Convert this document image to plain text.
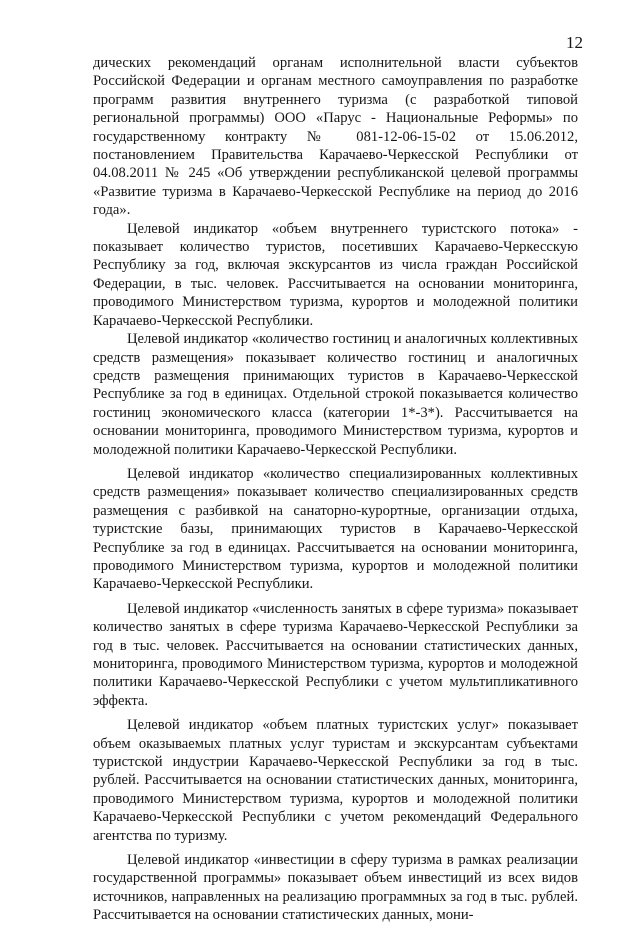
12

дических рекомендаций органам исполнительной власти субъектов Российской Федерации и органам местного самоуправления по разработке программ развития внутреннего туризма (с разработкой типовой региональной программы) ООО «Парус - Национальные Реформы» по государственному контракту № 081-12-06-15-02 от 15.06.2012, постановлением Правительства Карачаево-Черкесской Республики от 04.08.2011 № 245 «Об утверждении республиканской целевой программы «Развитие туризма в Карачаево-Черкесской Республике на период до 2016 года».

Целевой индикатор «объем внутреннего туристского потока» - показывает количество туристов, посетивших Карачаево-Черкесскую Республику за год, включая экскурсантов из числа граждан Российской Федерации, в тыс. человек. Рассчитывается на основании мониторинга, проводимого Министерством туризма, курортов и молодежной политики Карачаево-Черкесской Республики.

Целевой индикатор «количество гостиниц и аналогичных коллективных средств размещения» показывает количество гостиниц и аналогичных средств размещения принимающих туристов в Карачаево-Черкесской Республике за год в единицах. Отдельной строкой показывается количество гостиниц экономического класса (категории 1*-3*). Рассчитывается на основании мониторинга, проводимого Министерством туризма, курортов и молодежной политики Карачаево-Черкесской Республики.

Целевой индикатор «количество специализированных коллективных средств размещения» показывает количество специализированных средств размещения с разбивкой на санаторно-курортные, организации отдыха, туристские базы, принимающих туристов в Карачаево-Черкесской Республике за год в единицах. Рассчитывается на основании мониторинга, проводимого Министерством туризма, курортов и молодежной политики Карачаево-Черкесской Республики.

Целевой индикатор «численность занятых в сфере туризма» показывает количество занятых в сфере туризма Карачаево-Черкесской Республики за год в тыс. человек. Рассчитывается на основании статистических данных, мониторинга, проводимого Министерством туризма, курортов и молодежной политики Карачаево-Черкесской Республики с учетом мультипликативного эффекта.

Целевой индикатор «объем платных туристских услуг» показывает объем оказываемых платных услуг туристам и экскурсантам субъектами туристской индустрии Карачаево-Черкесской Республики за год в тыс. рублей. Рассчитывается на основании статистических данных, мониторинга, проводимого Министерством туризма, курортов и молодежной политики Карачаево-Черкесской Республики с учетом рекомендаций Федерального агентства по туризму.

Целевой индикатор «инвестиции в сферу туризма в рамках реализации государственной программы» показывает объем инвестиций из всех видов источников, направленных на реализацию программных за год в тыс. рублей. Рассчитывается на основании статистических данных, мони-
